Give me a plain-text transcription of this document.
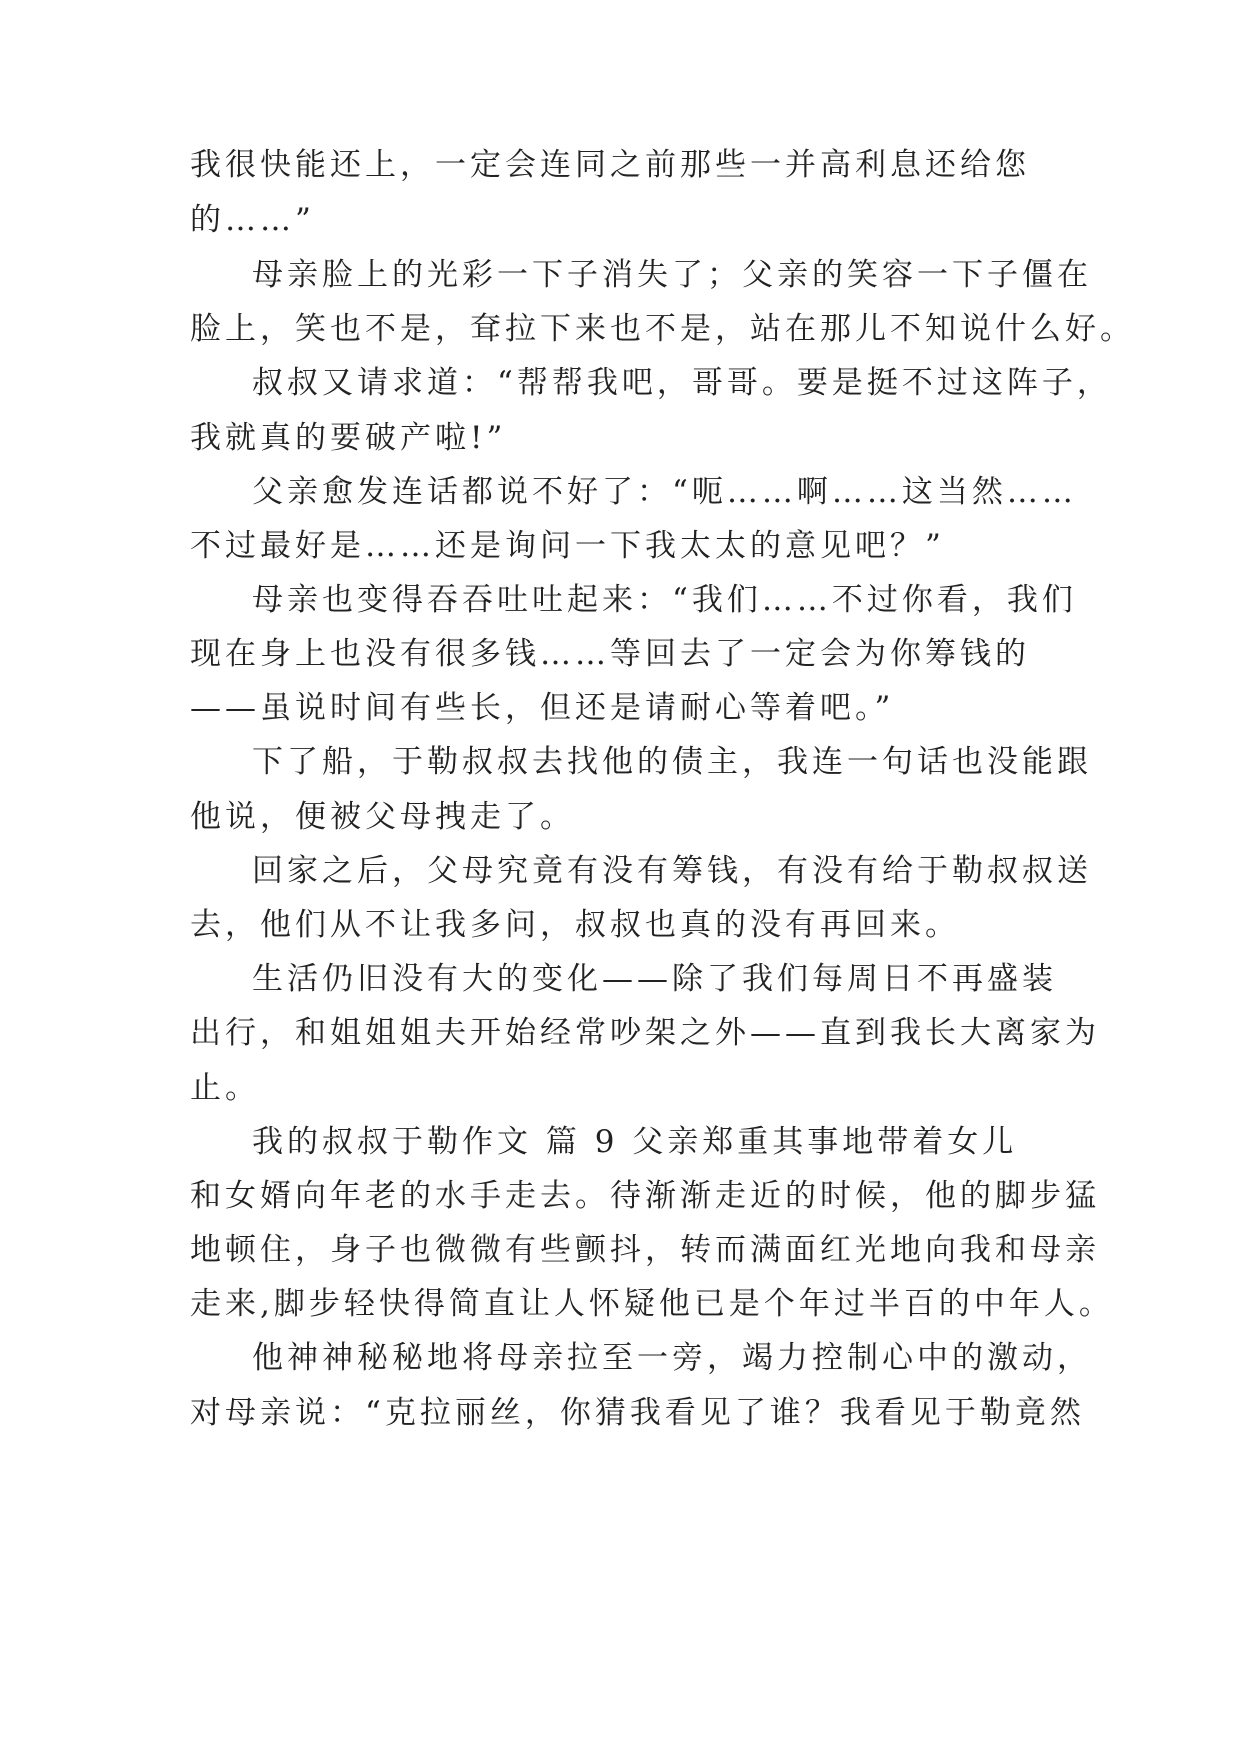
我很快能还上，一定会连同之前那些一并高利息还给您
的……”
母亲脸上的光彩一下子消失了；父亲的笑容一下子僵在
脸上，笑也不是，耷拉下来也不是，站在那儿不知说什么好。
叔叔又请求道：“帮帮我吧，哥哥。要是挺不过这阵子，
我就真的要破产啦!”
父亲愈发连话都说不好了：“呃……啊……这当然……
不过最好是……还是询问一下我太太的意见吧？”
母亲也变得吞吞吐吐起来：“我们……不过你看，我们
现在身上也没有很多钱……等回去了一定会为你筹钱的
——虽说时间有些长，但还是请耐心等着吧。”
下了船，于勒叔叔去找他的债主，我连一句话也没能跟
他说，便被父母拽走了。
回家之后，父母究竟有没有筹钱，有没有给于勒叔叔送
去，他们从不让我多问，叔叔也真的没有再回来。
生活仍旧没有大的变化——除了我们每周日不再盛装
出行，和姐姐姐夫开始经常吵架之外——直到我长大离家为
止。
我的叔叔于勒作文 篇 9 父亲郑重其事地带着女儿
和女婿向年老的水手走去。待渐渐走近的时候，他的脚步猛
地顿住，身子也微微有些颤抖，转而满面红光地向我和母亲
走来,脚步轻快得简直让人怀疑他已是个年过半百的中年人。
他神神秘秘地将母亲拉至一旁，竭力控制心中的激动，
对母亲说：“克拉丽丝，你猜我看见了谁？我看见于勒竟然
